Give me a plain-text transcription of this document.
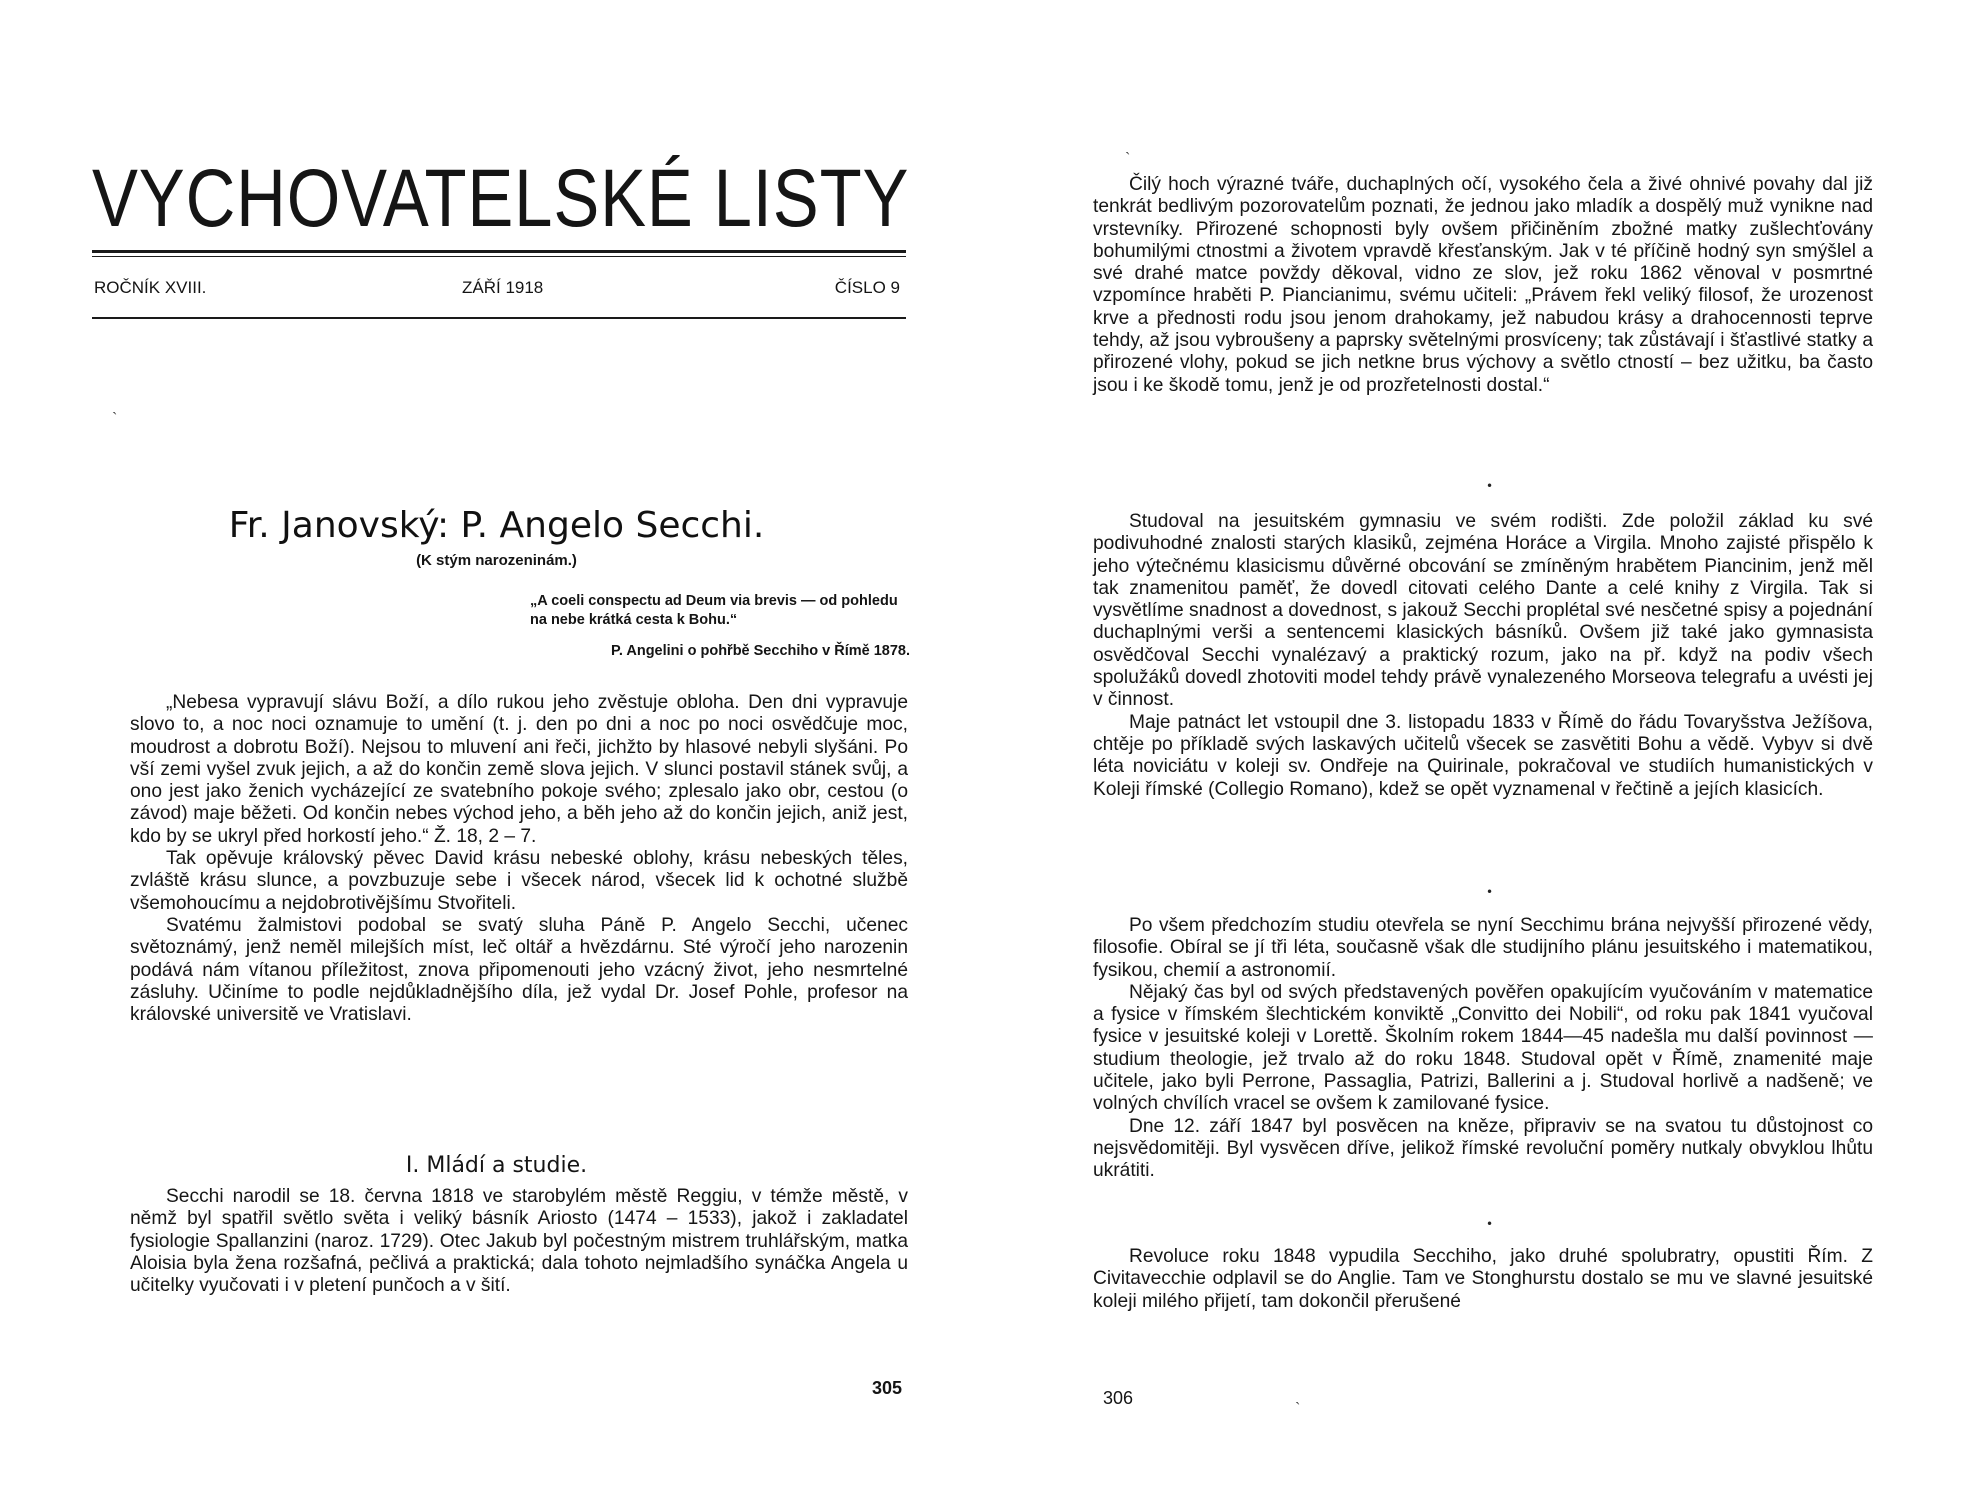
VYCHOVATELSKÉ LISTY
ROČNÍK XVIII.	ZÁŘÍ 1918	ČÍSLO 9
ˎ
Fr. Janovský: P. Angelo Secchi.
(K stým narozeninám.)
„A coeli conspectu ad Deum via brevis — od pohledu na nebe krátká cesta k Bohu.“
P. Angelini o pohřbě Secchiho v Římě 1878.
„Nebesa vypravují slávu Boží, a dílo rukou jeho zvěstuje obloha. Den dni vypravuje slovo to, a noc noci oznamuje to umění (t. j. den po dni a noc po noci osvědčuje moc, moudrost a dobrotu Boží). Nejsou to mluvení ani řeči, jichžto by hlasové nebyli slyšáni. Po vší zemi vyšel zvuk jejich, a až do končin země slova jejich. V slunci postavil stánek svůj, a ono jest jako ženich vycházející ze svatebního pokoje svého; zplesalo jako obr, cestou (o závod) maje běžeti. Od končin nebes východ jeho, a běh jeho až do končin jejich, aniž jest, kdo by se ukryl před horkostí jeho.“ Ž. 18, 2 – 7.
Tak opěvuje královský pěvec David krásu nebeské oblohy, krásu nebeských těles, zvláště krásu slunce, a povzbuzuje sebe i všecek národ, všecek lid k ochotné službě všemohoucímu a nejdobrotivějšímu Stvořiteli.
Svatému žalmistovi podobal se svatý sluha Páně P. Angelo Secchi, učenec světoznámý, jenž neměl milejších míst, leč oltář a hvězdárnu. Sté výročí jeho narozenin podává nám vítanou příležitost, znova připomenouti jeho vzácný život, jeho nesmrtelné zásluhy. Učiníme to podle nejdůkladnějšího díla, jež vydal Dr. Josef Pohle, profesor na královské universitě ve Vratislavi.
I. Mládí a studie.
Secchi narodil se 18. června 1818 ve starobylém městě Reggiu, v témže městě, v němž byl spatřil světlo světa i veliký básník Ariosto (1474 – 1533), jakož i zakladatel fysiologie Spallanzini (naroz. 1729). Otec Jakub byl počestným mistrem truhlářským, matka Aloisia byla žena rozšafná, pečlivá a praktická; dala tohoto nejmladšího synáčka Angela u učitelky vyučovati i v pletení punčoch a v šití.
305
ˎ
Čilý hoch výrazné tváře, duchaplných očí, vysokého čela a živé ohnivé povahy dal již tenkrát bedlivým pozorovatelům poznati, že jednou jako mladík a dospělý muž vynikne nad vrstevníky. Přirozené schopnosti byly ovšem přičiněním zbožné matky zušlechťovány bohumilými ctnostmi a životem vpravdě křesťanským. Jak v té příčině hodný syn smýšlel a své drahé matce povždy děkoval, vidno ze slov, jež roku 1862 věnoval v posmrtné vzpomínce hraběti P. Piancianimu, svému učiteli: „Právem řekl veliký filosof, že urozenost krve a přednosti rodu jsou jenom drahokamy, jež nabudou krásy a drahocennosti teprve tehdy, až jsou vybroušeny a paprsky světelnými prosvíceny; tak zůstávají i šťastlivé statky a přirozené vlohy, pokud se jich netkne brus výchovy a světlo ctností – bez užitku, ba často jsou i ke škodě tomu, jenž je od prozřetelnosti dostal.“
•
Studoval na jesuitském gymnasiu ve svém rodišti. Zde položil základ ku své podivuhodné znalosti starých klasiků, zejména Horáce a Virgila. Mnoho zajisté přispělo k jeho výtečnému klasicismu důvěrné obcování se zmíněným hrabětem Piancinim, jenž měl tak znamenitou paměť, že dovedl citovati celého Dante a celé knihy z Virgila. Tak si vysvětlíme snadnost a dovednost, s jakouž Secchi proplétal své nesčetné spisy a pojednání duchaplnými verši a sentencemi klasických básníků. Ovšem již také jako gymnasista osvědčoval Secchi vynalézavý a praktický rozum, jako na př. když na podiv všech spolužáků dovedl zhotoviti model tehdy právě vynalezeného Morseova telegrafu a uvésti jej v činnost.
Maje patnáct let vstoupil dne 3. listopadu 1833 v Římě do řádu Tovaryšstva Ježíšova, chtěje po příkladě svých laskavých učitelů všecek se zasvětiti Bohu a vědě. Vybyv si dvě léta noviciátu v koleji sv. Ondřeje na Quirinale, pokračoval ve studiích humanistických v Koleji římské (Collegio Romano), kdež se opět vyznamenal v řečtině a jejích klasicích.
•
Po všem předchozím studiu otevřela se nyní Secchimu brána nejvyšší přirozené vědy, filosofie. Obíral se jí tři léta, současně však dle studijního plánu jesuitského i matematikou, fysikou, chemií a astronomií.
Nějaký čas byl od svých představených pověřen opakujícím vyučováním v matematice a fysice v římském šlechtickém konviktě „Convitto dei Nobili“, od roku pak 1841 vyučoval fysice v jesuitské koleji v Lorettě. Školním rokem 1844—45 nadešla mu další povinnost — studium theologie, jež trvalo až do roku 1848. Studoval opět v Římě, znamenité maje učitele, jako byli Perrone, Passaglia, Patrizi, Ballerini a j. Studoval horlivě a nadšeně; ve volných chvílích vracel se ovšem k zamilované fysice.
Dne 12. září 1847 byl posvěcen na kněze, připraviv se na svatou tu důstojnost co nejsvědomitěji. Byl vysvěcen dříve, jelikož římské revoluční poměry nutkaly obvyklou lhůtu ukrátiti.
•
Revoluce roku 1848 vypudila Secchiho, jako druhé spolubratry, opustiti Řím. Z Civitavecchie odplavil se do Anglie. Tam ve Stonghurstu dostalo se mu ve slavné jesuitské koleji milého přijetí, tam dokončil přerušené
306	ˏ
